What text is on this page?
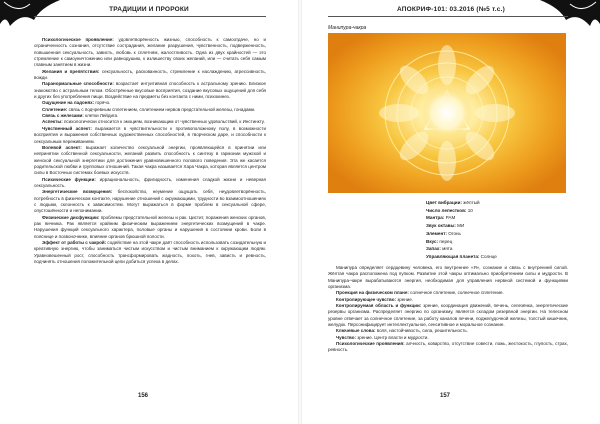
ТРАДИЦИИ И ПРОРОКИ

Психологическое проявление: удовлетворённость жизнью, способность к самоотдаче, но и ограниченность сознания, отсутствие сострадания, желание разрушения, чувственность, подверженность, повышенная сексуальность, зависть, любовь к сплетням, жалостливость. Одна из двух крайностей — это стремление к самоуничтожению или равнодушию, к излишеству своих желаний, или — считать себя самым главным занятием в жизни.

Желания и препятствия: сексуальность, раскованность, стремление к наслаждению, агрессивность, вожди.

Паранормальные способности: возрастает интуитивная способность к астральному зрению. Близкое знакомство с астральным телом. Обострённые вкусовые восприятия, создание вкусовых ощущений для себя и других без употребления пищи. Воздействие на предметы без контакта с ними, психокинез.

Ощущение на ладонях: горячо.

Сплетение: связь с подчревным сплетением, сплетением нервов предстательной железы, гонадами.

Связь с железами: клетки Лейдига.

Аспекты: психологически относится к эмоциям, возникающим от чувственных удовольствий, к Инстинкту.

Чувственный аспект: выражается в чувствительности к противоположному полу, в возможности восприятия и выражения собственных художественных способностей, в творческом даре, и способности к сексуальным переживаниям.

Волевой аспект: выражает количество сексуальной энергии, проявляющейся в принятии или непринятии собственной сексуальности, желаний развить способность к синтезу в гармонии мужской и женской сексуальной энергетики для достижения уравновешенного полового поведения. Эта же касается родительской любви и групповых отношений. Такая чакра называется Хара Чакра, которая является центром силы в Восточных системах боевых искусств.

Психические функции: иррациональность, фригидность, изменения сладкой жизни и неверная сексуальность.

Энергетические возмущения: беспокойство, неумение ощущать себя, неудовлетворённость, потребность в физическом контакте, нарушение отношений с окружающими, трудности во взаимоотношениях с людьми, склонность к зависимостям. Могут выражаться в форме проблем в сексуальной сфере, опустошённости и непонимании.

Физические дисфункции: проблемы предстательной железы и рак. Цистит, поражения женских органов, рак яичника. Рак является крайним физическим выражением энергетических возмущений в чакре. Нарушения функций сексуального характера, половые органы и нарушения в состоянии крови. Боли в пояснице и позвоночнике, влияние органов брюшной полости.

Эффект от работы с чакрой: содействие на этой чакре даёт способность использовать созидательную и креативную энергию, чтобы заниматься чистым искусством и чистым вниманием к окружающим людям. Уравновешенный рост, способность трансформировать жадность, похоть, гнев, зависть и ревность, подчинять отношения положительной цели добиться успеха в делах.

156
АПОКРИФ-101: 03.2016 (№5 т.с.)
Манипура-чакра

Цвет вибрации: жёлтый

Число лепестков: 10

Мантра: РАМ

Звук октавы: МИ

Элемент: Огонь

Вкус: перец

Запах: мята

Управляющая планета: Солнце

Манипура определяет сердцевину человека, его внутреннее «Я», сознание и связь с внутренней силой. Жёлтая чакра расположена под пупком. Развитие этой чакры оптимально приобретением силы и мудрости. В Манипура-чакре вырабатываются энергия, необходимая для управления нервной системой и функциями организма.

Проекция на физическом плане: солнечное сплетение, солнечное сплетение.

Контролирующее чувство: зрение.

Контролируемая область и функции: зрение, координация движений, печень, селезёнка, энергетические резервы организма. Распределяет энергию по организму, является складом резервной энергии. На телесном уровне отвечает за солнечное сплетение, за работу каналов печени, поджелудочной железы, толстый кишечник, желудок. Персонифицирует интеллектуальное, сенситивное и моральное сознание.

Ключевые слова: воля, настойчивость, сила, решительность.

Чувство: зрение. Центр власти и мудрости.

Психологические проявления: алчность, коварство, отсутствие совести, ложь, жестокость, глупость, страх, ревность.

157
